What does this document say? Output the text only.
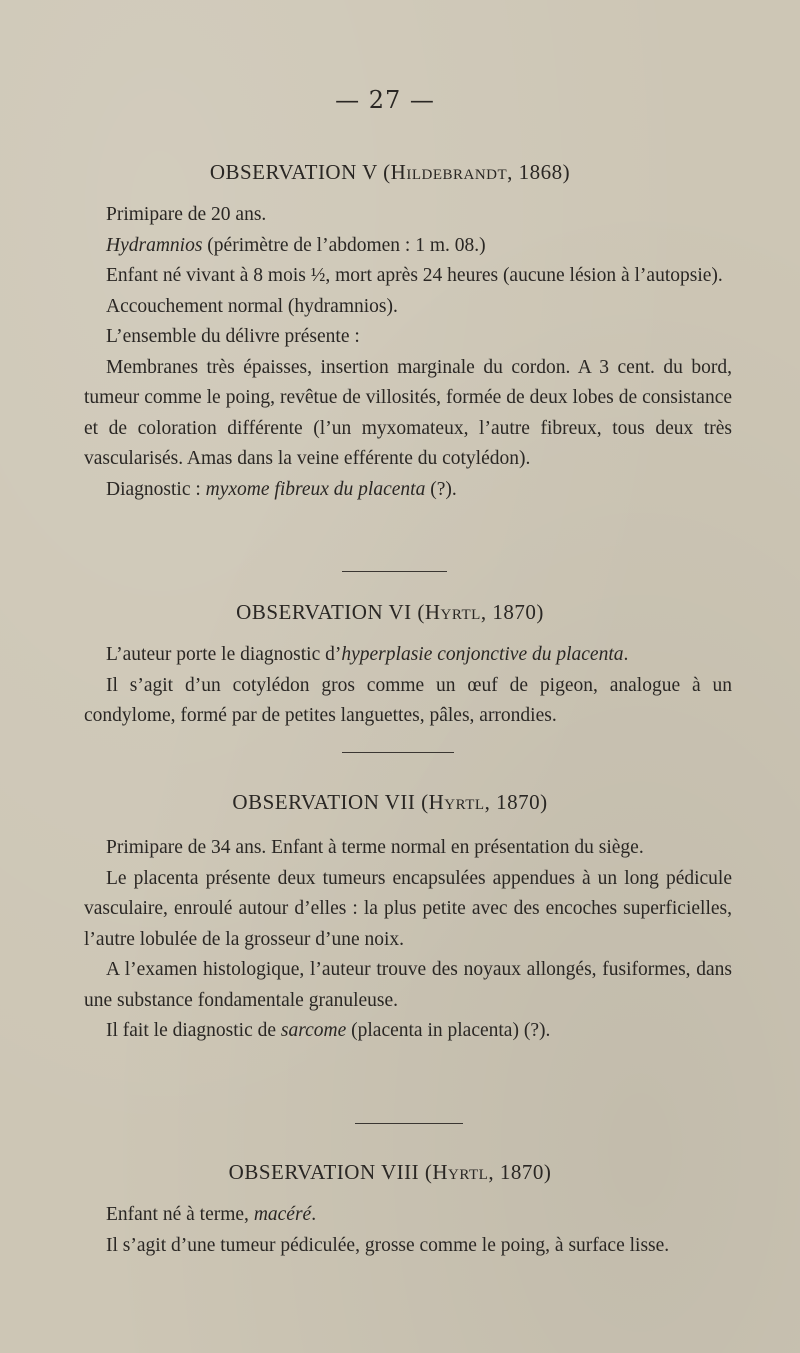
— 27 —
OBSERVATION V (Hildebrandt, 1868)

Primipare de 20 ans.

Hydramnios (périmètre de l’abdomen : 1 m. 08.)

Enfant né vivant à 8 mois ½, mort après 24 heures (aucune lésion à l’autopsie).

Accouchement normal (hydramnios).

L’ensemble du délivre présente :

Membranes très épaisses, insertion marginale du cordon. A 3 cent. du bord, tumeur comme le poing, revêtue de villosités, formée de deux lobes de consistance et de coloration différente (l’un myxomateux, l’autre fibreux, tous deux très vascularisés. Amas dans la veine efférente du cotylédon).

Diagnostic : myxome fibreux du placenta (?).

OBSERVATION VI (Hyrtl, 1870)

L’auteur porte le diagnostic d’hyperplasie conjonctive du placenta.

Il s’agit d’un cotylédon gros comme un œuf de pigeon, analogue à un condylome, formé par de petites languettes, pâles, arrondies.

OBSERVATION VII (Hyrtl, 1870)

Primipare de 34 ans. Enfant à terme normal en présentation du siège.

Le placenta présente deux tumeurs encapsulées appendues à un long pédicule vasculaire, enroulé autour d’elles : la plus petite avec des encoches superficielles, l’autre lobulée de la grosseur d’une noix.

A l’examen histologique, l’auteur trouve des noyaux allongés, fusiformes, dans une substance fondamentale granuleuse.

Il fait le diagnostic de sarcome (placenta in placenta) (?).

OBSERVATION VIII (Hyrtl, 1870)

Enfant né à terme, macéré.

Il s’agit d’une tumeur pédiculée, grosse comme le poing, à surface lisse.
